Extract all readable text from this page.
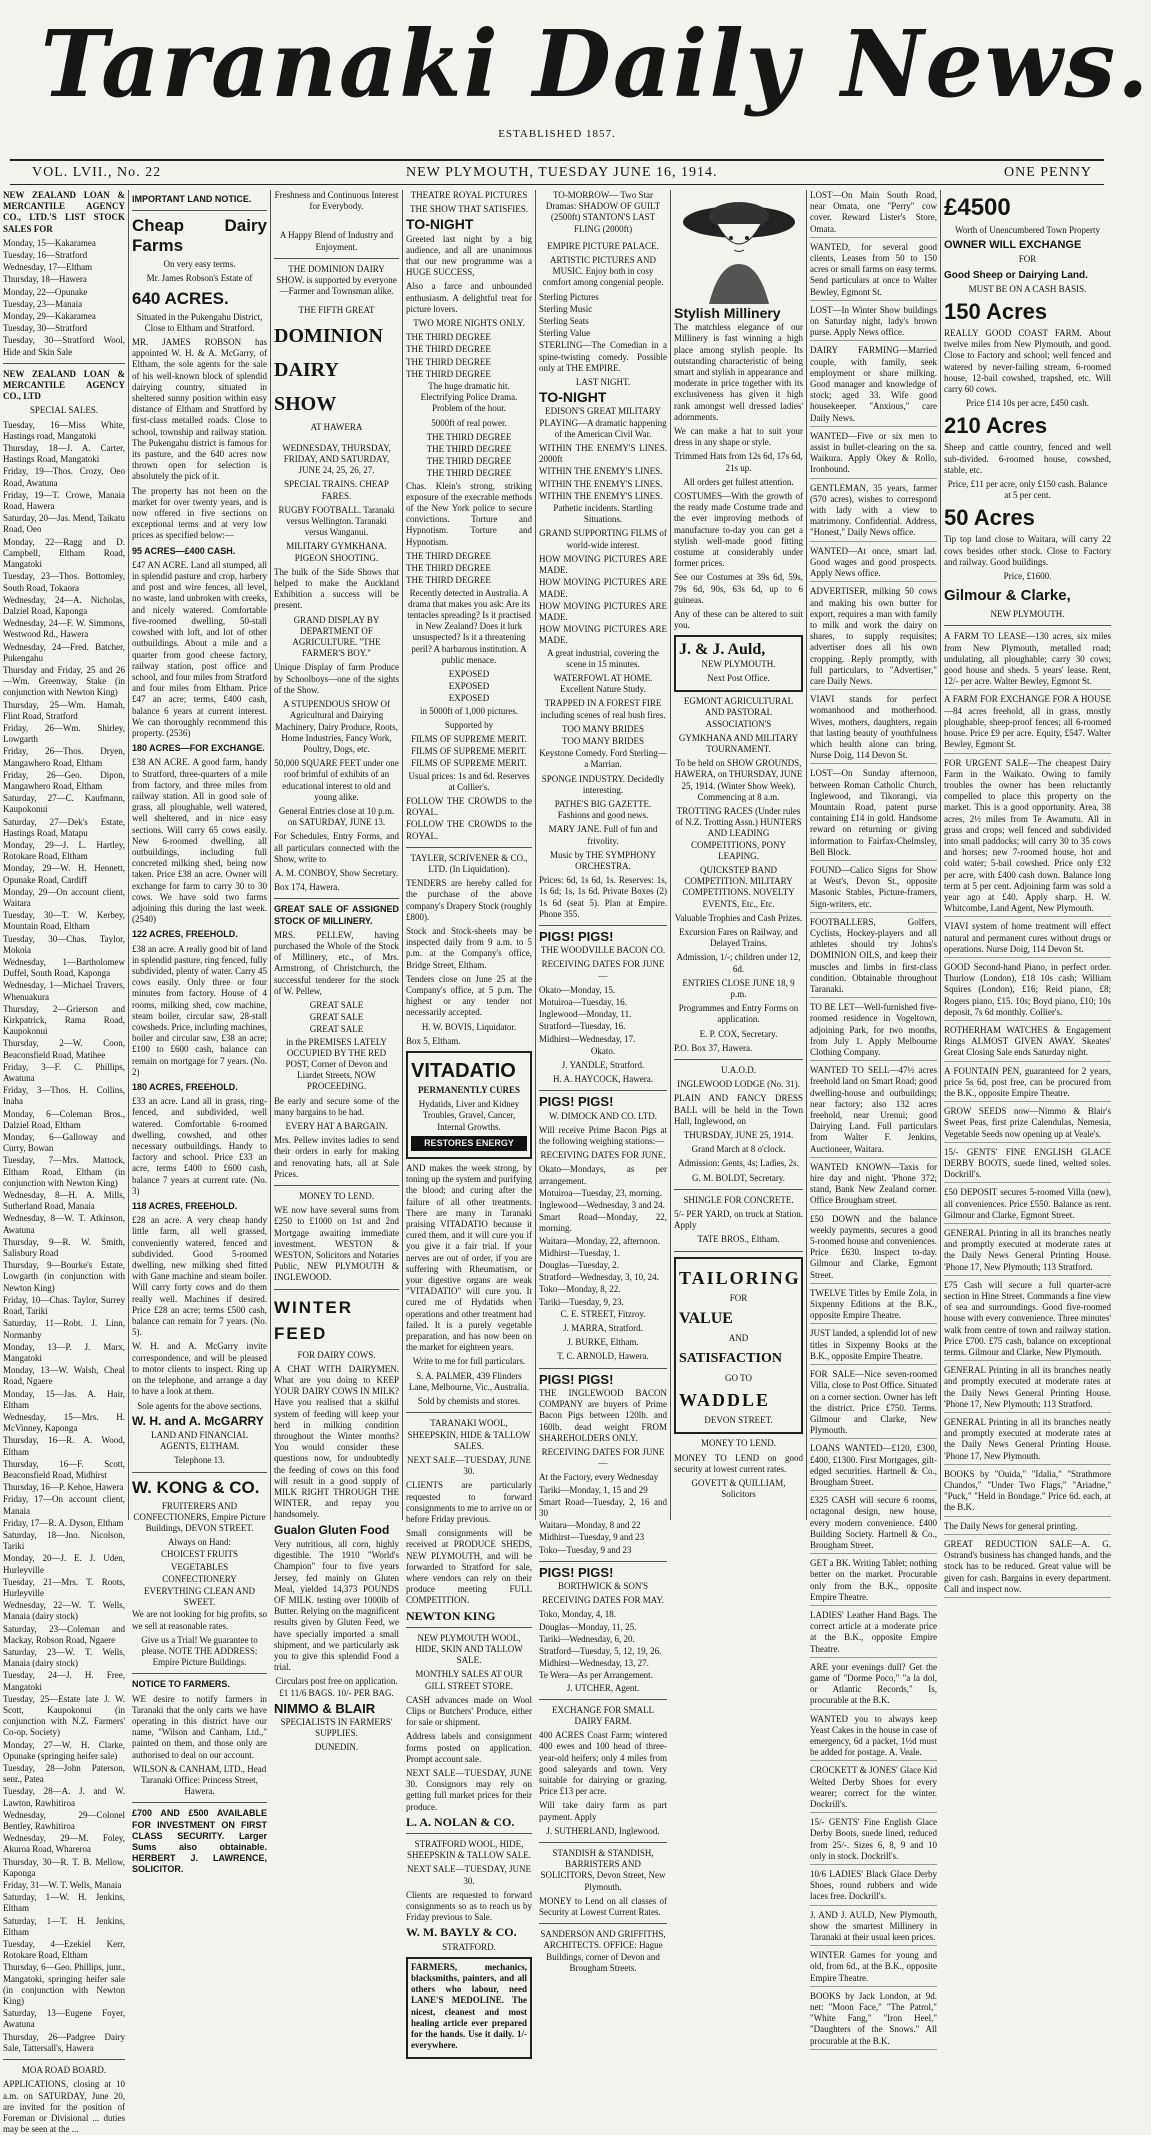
Taranaki Daily News.
ESTABLISHED 1857.
VOL. LVII., No. 22	NEW PLYMOUTH, TUESDAY JUNE 16, 1914.	ONE PENNY

NEW ZEALAND LOAN & MERCANTILE AGENCY CO., LTD.'S LIST STOCK SALES FOR

Monday, 15—Kakaramea

Tuesday, 16—Stratford

Wednesday, 17—Eltham

Thursday, 18—Hawera

Monday, 22—Opunake

Tuesday, 23—Manaia

Monday, 29—Kakaramea

Tuesday, 30—Stratford

Tuesday, 30—Stratford Wool, Hide and Skin Sale

NEW ZEALAND LOAN & MERCANTILE AGENCY CO., LTD

SPECIAL SALES.

Tuesday, 16—Miss White, Hastings road, Mangatoki

Thursday, 18—J. A. Carter, Hastings Road, Mangatoki

Friday, 19—Thos. Crozy, Oeo Road, Awatuna

Friday, 19—T. Crowe, Manaia Road, Hawera

Saturday, 20—Jas. Mend, Taikatu Road, Oeo

Monday, 22—Ragg and D. Campbell, Eltham Road, Mangatoki

Tuesday, 23—Thos. Bottomley, South Road, Tokaora

Wednesday, 24—A. Nicholas, Dalziel Road, Kaponga

Wednesday, 24—F. W. Simmons, Westwood Rd., Hawera

Wednesday, 24—Fred. Batcher, Pukengahu

Thursday and Friday, 25 and 26—Wm. Greenway, Stake (in conjunction with Newton King)

Thursday, 25—Wm. Hamah, Flint Road, Stratford

Friday, 26—Wm. Shirley, Lowgarth

Friday, 26—Thos. Dryen, Mangawhero Road, Eltham

Friday, 26—Geo. Dipon, Mangawhero Road, Eltham

Saturday, 27—C. Kaufmann, Kaupokonui

Saturday, 27—Dek's Estate, Hastings Road, Matapu

Monday, 29—J. L. Hartley, Rotokare Road, Eltham

Monday, 29—W. H. Hennett, Opunake Road, Cardiff

Monday, 29—On account client, Waitara

Tuesday, 30—T. W. Kerbey, Mountain Road, Eltham

Tuesday, 30—Chas. Taylor, Mokoia

Wednesday, 1—Bartholomew Duffel, South Road, Kaponga

Wednesday, 1—Michael Travers, Whenuakura

Thursday, 2—Grierson and Kirkpatrick, Rama Road, Kaupokonui

Thursday, 2—W. Coon, Beaconsfield Road, Matihee

Friday, 3—F. C. Phillips, Awatuna

Friday, 3—Thos. H. Collins, Inaha

Monday, 6—Coleman Bros., Dalziel Road, Eltham

Monday, 6—Galloway and Curry, Bowan

Tuesday, 7—Mrs. Mattock, Eltham Road, Eltham (in conjunction with Newton King)

Wednesday, 8—H. A. Mills, Sutherland Road, Manaia

Wednesday, 8—W. T. Atkinson, Awatuna

Thursday, 9—R. W. Smith, Salisbury Road

Thursday, 9—Bourke's Estate, Lowgarth (in conjunction with Newton King)

Friday, 10—Chas. Taylor, Surrey Road, Tariki

Saturday, 11—Robt. J. Linn, Normanby

Monday, 13—P. J. Marx, Mangatoki

Monday, 13—W. Walsh, Cheal Road, Ngaere

Monday, 15—Jas. A. Hair, Eltham

Wednesday, 15—Mrs. H. McVinney, Kaponga

Thursday, 16—R. A. Wood, Eltham

Thursday, 16—F. Scott, Beaconsfield Road, Midhirst

Thursday, 16—P. Kehoe, Hawera

Friday, 17—On account client, Manaia

Friday, 17—R. A. Dyson, Eltham

Saturday, 18—Jno. Nicolson, Tariki

Monday, 20—J. E. J. Uden, Hurleyville

Tuesday, 21—Mrs. T. Roots, Hurleyville

Wednesday, 22—W. T. Wells, Manaia (dairy stock)

Saturday, 23—Coleman and Mackay, Robson Road, Ngaere

Saturday, 23—W. T. Wells, Manaia (dairy stock)

Tuesday, 24—J. H. Free, Mangatoki

Tuesday, 25—Estate late J. W. Scott, Kaupokonui (in conjunction with N.Z. Farmers' Co-op. Society)

Monday, 27—W. H. Clarke, Opunake (springing heifer sale)

Tuesday, 28—John Paterson, senr., Patea

Tuesday, 28—A. J. and W. Lawton, Rawhitiroa

Wednesday, 29—Colonel Bentley, Rawhitiroa

Wednesday, 29—M. Foley, Akuroa Road, Whareroa

Thursday, 30—R. T. B. Mellow, Kaponga

Friday, 31—W. T. Wells, Manaia

Saturday, 1—W. H. Jenkins, Eltham

Saturday, 1—T. H. Jenkins, Eltham

Tuesday, 4—Ezekiel Kerr, Rotokare Road, Eltham

Thursday, 6—Geo. Phillips, junr., Mangatoki, springing heifer sale (in conjunction with Newton King)

Saturday, 13—Eugene Foyer, Awatuna

Thursday, 26—Padgree Dairy Sale, Tattersall's, Hawera

MOA ROAD BOARD.

APPLICATIONS, closing at 10 a.m. on SATURDAY, June 20, are invited for the position of Foreman or Divisional ... duties may be seen at the ...

IMPORTANT LAND NOTICE.

Cheap Dairy Farms

On very easy terms.

Mr. James Robson's Estate of

640 ACRES.

Situated in the Pukengahu District, Close to Eltham and Stratford.

MR. JAMES ROBSON has appointed W. H. & A. McGarry, of Eltham, the sole agents for the sale of his well-known block of splendid dairying country, situated in sheltered sunny position within easy distance of Eltham and Stratford by first-class metalled roads. Close to school, township and railway station. The Pukengahu district is famous for its pasture, and the 640 acres now thrown open for selection is absolutely the pick of it.

The property has not been on the market for over twenty years, and is now offered in five sections on exceptional terms and at very low prices as specified below:—

95 ACRES—£400 CASH.

£47 AN ACRE. Land all stumped, all in splendid pasture and crop, harbery and post and wire fences, all level, no waste, land unbroken with creeks, and nicely watered. Comfortable five-roomed dwelling, 50-stall cowshed with loft, and lot of other outbuildings. About a mile and a quarter from good cheese factory, railway station, post office and school, and four miles from Stratford and four miles from Eltham. Price £47 an acre; terms, £400 cash, balance 6 years at current interest. We can thoroughly recommend this property. (2536)

180 ACRES—FOR EXCHANGE.

£38 AN ACRE. A good farm, handy to Stratford, three-quarters of a mile from factory, and three miles from railway station. All in good sole of grass, all ploughable, well watered, well sheltered, and in nice easy sections. Will carry 65 cows easily. New 6-roomed dwelling, all outbuildings, including full concreted milking shed, being now taken. Price £38 an acre. Owner will exchange for farm to carry 30 to 30 cows. We have sold two farms adjoining this during the last week. (2540)

122 ACRES, FREEHOLD.

£38 an acre. A really good bit of land in splendid pasture, ring fenced, fully subdivided, plenty of water. Carry 45 cows easily. Only three or four minutes from factory. House of 4 rooms, milking shed, cow machine, steam boiler, circular saw, 28-stall cowsheds. Price, including machines, boiler and circular saw, £38 an acre; £100 to £600 cash, balance can remain on mortgage for 7 years. (No. 2)

180 ACRES, FREEHOLD.

£33 an acre. Land all in grass, ring-fenced, and subdivided, well watered. Comfortable 6-roomed dwelling, cowshed, and other necessary outbuildings. Handy to factory and school. Price £33 an acre, terms £400 to £600 cash, balance 7 years at current rate. (No. 3)

118 ACRES, FREEHOLD.

£28 an acre. A very cheap handy little farm, all well grassed, conveniently watered, fenced and subdivided. Good 5-roomed dwelling, new milking shed fitted with Gane machine and steam boiler. Will carry forty cows and do them really well. Machines if desired. Price £28 an acre; terms £500 cash, balance can remain for 7 years. (No. 5).

W. H. and A. McGarry invite correspondence, and will be pleased to motor clients to inspect. Ring up on the telephone, and arrange a day to have a look at them.

Sole agents for the above sections.

W. H. and A. McGARRY

LAND AND FINANCIAL AGENTS, ELTHAM.

Telephone 13.

W. KONG & CO.

FRUITERERS AND CONFECTIONERS, Empire Picture Buildings, DEVON STREET.

Always on Hand:

CHOICEST FRUITS

VEGETABLES

CONFECTIONERY

EVERYTHING CLEAN AND SWEET.

We are not looking for big profits, so we sell at reasonable rates.

Give us a Trial! We guarantee to please. NOTE THE ADDRESS: Empire Picture Buildings.

NOTICE TO FARMERS.

WE desire to notify farmers in Taranaki that the only carts we have operating in this district have our name, "Wilson and Canham, Ltd.," painted on them, and those only are authorised to deal on our account.

WILSON & CANHAM, LTD., Head Taranaki Office: Princess Street, Hawera.

£700 AND £500 AVAILABLE FOR INVESTMENT ON FIRST CLASS SECURITY. Larger Sums also obtainable. HERBERT J. LAWRENCE, SOLICITOR.

Freshness and Continuous Interest for Everybody.

A Happy Blend of Industry and Enjoyment.

THE DOMINION DAIRY SHOW. is supported by everyone—Farmer and Townsman alike.

THE FIFTH GREAT

DOMINION

DAIRY

SHOW

AT HAWERA

WEDNESDAY, THURSDAY, FRIDAY, AND SATURDAY, JUNE 24, 25, 26, 27.

SPECIAL TRAINS. CHEAP FARES.

RUGBY FOOTBALL. Taranaki versus Wellington. Taranaki versus Wanganui.

MILITARY GYMKHANA. PIGEON SHOOTING.

The bulk of the Side Shows that helped to make the Auckland Exhibition a success will be present.

GRAND DISPLAY BY DEPARTMENT OF AGRICULTURE. "THE FARMER'S BOY."

Unique Display of farm Produce by Schoolboys—one of the sights of the Show.

A STUPENDOUS SHOW Of Agricultural and Dairying Machinery, Dairy Produce, Roots, Home Industries, Fancy Work, Poultry, Dogs, etc.

50,000 SQUARE FEET under one roof brimful of exhibits of an educational interest to old and young alike.

General Entries close at 10 p.m. on SATURDAY, JUNE 13.

For Schedules, Entry Forms, and all particulars connected with the Show, write to

A. M. CONBOY, Show Secretary.

Box 174, Hawera.

GREAT SALE OF ASSIGNED STOCK OF MILLINERY.

MRS. PELLEW, having purchased the Whole of the Stock of Millinery, etc., of Mrs. Armstrong, of Christchurch, the successful tenderer for the stock of W. Pellew,

GREAT SALE

GREAT SALE

GREAT SALE

in the PREMISES LATELY OCCUPIED BY THE RED POST, Corner of Devon and Liardet Streets, NOW PROCEEDING.

Be early and secure some of the many bargains to be had.

EVERY HAT A BARGAIN.

Mrs. Pellew invites ladies to send their orders in early for making and renovating hats, all at Sale Prices.

MONEY TO LEND.

WE now have several sums from £250 to £1000 on 1st and 2nd Mortgage awaiting immediate investment. WESTON & WESTON, Solicitors and Notaries Public, NEW PLYMOUTH & INGLEWOOD.

WINTER FEED

FOR DAIRY COWS.

A CHAT WITH DAIRYMEN. What are you doing to KEEP YOUR DAIRY COWS IN MILK? Have you realised that a skilful system of feeding will keep your herd in milking condition throughout the Winter months? You would consider these questions now, for undoubtedly the feeding of cows on this food will result in a good supply of MILK RIGHT THROUGH THE WINTER, and repay you handsomely.

Gualon Gluten Food

Very nutritious, all corn, highly digestible. The 1910 "World's Champion" four to five years Jersey, fed mainly on Gluten Meal, yielded 14,373 POUNDS OF MILK. testing over 1000lb of Butter. Relying on the magnificent results given by Gluten Feed, we have specially imported a small shipment, and we particularly ask you to give this splendid Food a trial.

Circulars post free on application. £1 11/6 BAGS. 10/- PER BAG.

NIMMO & BLAIR

SPECIALISTS IN FARMERS' SUPPLIES.

DUNEDIN.

THEATRE ROYAL PICTURES

THE SHOW THAT SATISFIES.

TO-NIGHT

Greeted last night by a big audience, and all are unanimous that our new programme was a HUGE SUCCESS,

Also a farce and unbounded enthusiasm. A delightful treat for picture lovers.

TWO MORE NIGHTS ONLY.

THE THIRD DEGREE

THE THIRD DEGREE

THE THIRD DEGREE

THE THIRD DEGREE

The huge dramatic hit. Electrifying Police Drama. Problem of the hour.

5000ft of real power.

THE THIRD DEGREE

THE THIRD DEGREE

THE THIRD DEGREE

THE THIRD DEGREE

Chas. Klein's strong, striking exposure of the execrable methods of the New York police to secure convictions. Torture and Hypnotism. Torture and Hypnotism.

THE THIRD DEGREE

THE THIRD DEGREE

THE THIRD DEGREE

Recently detected in Australia. A drama that makes you ask: Are its tentacles spreading? Is it practised in New Zealand? Does it lurk unsuspected? Is it a threatening peril? A barbarous institution. A public menace.

EXPOSED

EXPOSED

EXPOSED

in 5000ft of 1,000 pictures.

Supported by

FILMS OF SUPREME MERIT.

FILMS OF SUPREME MERIT.

FILMS OF SUPREME MERIT.

Usual prices: 1s and 6d. Reserves at Collier's.

FOLLOW THE CROWDS to the ROYAL.

FOLLOW THE CROWDS to the ROYAL.

TAYLER, SCRIVENER & CO., LTD. (In Liquidation).

TENDERS are hereby called for the purchase of the above company's Drapery Stock (roughly £800).

Stock and Stock-sheets may be inspected daily from 9 a.m. to 5 p.m. at the Company's office, Bridge Street, Eltham.

Tenders close on June 25 at the Company's office, at 5 p.m. The highest or any tender not necessarily accepted.

H. W. BOVIS, Liquidator.

Box 5, Eltham.

VITADATIO

PERMANENTLY CURES

Hydatids, Liver and Kidney Troubles, Gravel, Cancer, Internal Growths.

RESTORES ENERGY

AND makes the week strong, by toning up the system and purifying the blood; and curing after the failure of all other treatments. There are many in Taranaki praising VITADATIO because it cured them, and it will cure you if you give it a fair trial. If your nerves are out of order, if you are suffering with Rheumatism, or your digestive organs are weak "VITADATIO" will cure you. It cured me of Hydatids when operations and other treatment had failed. It is a purely vegetable preparation, and has now been on the market for eighteen years.

Write to me for full particulars.

S. A. PALMER, 439 Flinders Lane, Melbourne, Vic., Australia.

Sold by chemists and stores.

TARANAKI WOOL, SHEEPSKIN, HIDE & TALLOW SALES.

NEXT SALE—TUESDAY, JUNE 30.

CLIENTS are particularly requested to forward consignments to me to arrive on or before Friday previous.

Small consignments will be received at PRODUCE SHEDS, NEW PLYMOUTH, and will be forwarded to Stratford for sale, where vendors can rely on their produce meeting FULL COMPETITION.

NEWTON KING

NEW PLYMOUTH WOOL, HIDE, SKIN AND TALLOW SALE.

MONTHLY SALES AT OUR GILL STREET STORE.

CASH advances made on Wool Clips or Butchers' Produce, either for sale or shipment.

Address labels and consignment forms posted on application. Prompt account sale.

NEXT SALE—TUESDAY, JUNE 30. Consignors may rely on getting full market prices for their produce.

L. A. NOLAN & CO.

STRATFORD WOOL, HIDE, SHEEPSKIN & TALLOW SALE.

NEXT SALE—TUESDAY, JUNE 30.

Clients are requested to forward consignments so as to reach us by Friday previous to Sale.

W. M. BAYLY & CO.

STRATFORD.

FARMERS, mechanics, blacksmiths, painters, and all others who labour, need LANE'S MEDOLINE. The nicest, cleanest and most healing article ever prepared for the hands. Use it daily. 1/- everywhere.

TO-MORROW— Two Star Dramas: SHADOW OF GUILT (2500ft) STANTON'S LAST FLING (2000ft)

EMPIRE PICTURE PALACE.

ARTISTIC PICTURES AND MUSIC. Enjoy both in cosy comfort among congenial people.

Sterling Pictures

Sterling Music

Sterling Seats

Sterling Value

STERLING—The Comedian in a spine-twisting comedy. Possible only at THE EMPIRE.

LAST NIGHT.

TO-NIGHT

EDISON'S GREAT MILITARY PLAYING—A dramatic happening of the American Civil War.

WITHIN THE ENEMY'S LINES. 2000ft

WITHIN THE ENEMY'S LINES.

WITHIN THE ENEMY'S LINES.

WITHIN THE ENEMY'S LINES.

Pathetic incidents. Startling Situations.

GRAND SUPPORTING FILMS of world-wide interest.

HOW MOVING PICTURES ARE MADE.

HOW MOVING PICTURES ARE MADE.

HOW MOVING PICTURES ARE MADE.

HOW MOVING PICTURES ARE MADE.

A great industrial, covering the scene in 15 minutes.

WATERFOWL AT HOME. Excellent Nature Study.

TRAPPED IN A FOREST FIRE including scenes of real bush fires.

TOO MANY BRIDES

TOO MANY BRIDES

Keystone Comedy. Ford Sterling—a Marrian.

SPONGE INDUSTRY. Decidedly interesting.

PATHE'S BIG GAZETTE. Fashions and good news.

MARY JANE. Full of fun and frivolity.

Music by THE SYMPHONY ORCHESTRA.

Prices: 6d, 1s 6d, 1s. Reserves: 1s, 1s 6d; 1s, 1s 6d. Private Boxes (2) 1s 6d (seat 5). Plan at Empire. Phone 355.

PIGS! PIGS!

THE WOODVILLE BACON CO.

RECEIVING DATES FOR JUNE—

Okato—Monday, 15.

Motuiroa—Tuesday, 16.

Inglewood—Monday, 11.

Stratford—Tuesday, 16.

Midhirst—Wednesday, 17.

Okato.

J. YANDLE, Stratford.

H. A. HAYCOCK, Hawera.

PIGS! PIGS!

W. DIMOCK AND CO. LTD.

Will receive Prime Bacon Pigs at the following weighing stations:—

RECEIVING DATES FOR JUNE.

Okato—Mondays, as per arrangement.

Motuiroa—Tuesday, 23, morning.

Inglewood—Wednesday, 3 and 24.

Smart Road—Monday, 22, morning.

Waitara—Monday, 22, afternoon.

Midhirst—Tuesday, 1.

Douglas—Tuesday, 2.

Stratford—Wednesday, 3, 10, 24.

Toko—Monday, 8, 22.

Tariki—Tuesday, 9, 23.

C. E. STREET, Fitzroy.

J. MARRA, Stratford.

J. BURKE, Eltham.

T. C. ARNOLD, Hawera.

PIGS! PIGS!

THE INGLEWOOD BACON COMPANY are buyers of Prime Bacon Pigs between 120lb. and 160lb. dead weight FROM SHAREHOLDERS ONLY.

RECEIVING DATES FOR JUNE—

At the Factory, every Wednesday

Tariki—Monday, 1, 15 and 29

Smart Road—Tuesday, 2, 16 and 30

Waitara—Monday, 8 and 22

Midhirst—Tuesday, 9 and 23

Toko—Tuesday, 9 and 23

PIGS! PIGS!

BORTHWICK & SON'S

RECEIVING DATES FOR MAY.

Toko, Monday, 4, 18.

Douglas—Monday, 11, 25.

Tariki—Wednesday, 6, 20.

Stratford—Tuesday, 5, 12, 19, 26.

Midhirst—Wednesday, 13, 27.

Te Wera—As per Arrangement.

J. UTCHER, Agent.

EXCHANGE FOR SMALL DAIRY FARM.

400 ACRES Coast Farm; wintered 400 ewes and 100 head of three-year-old heifers; only 4 miles from good saleyards and town. Very suitable for dairying or grazing. Price £13 per acre.

Will take dairy farm as part payment. Apply

J. SUTHERLAND, Inglewood.

STANDISH & STANDISH, BARRISTERS AND SOLICITORS, Devon Street, New Plymouth.

MONEY to Lend on all classes of Security at Lowest Current Rates.

SANDERSON AND GRIFFITHS, ARCHITECTS. OFFICE: Hague Buildings, corner of Devon and Brougham Streets.

Stylish Millinery

The matchless elegance of our Millinery is fast winning a high place among stylish people. Its outstanding characteristic of being smart and stylish in appearance and moderate in price together with its exclusiveness has given it high rank amongst well dressed ladies' adornments.

We can make a hat to suit your dress in any shape or style.

Trimmed Hats from 12s 6d, 17s 6d, 21s up.

All orders get fullest attention.

COSTUMES—With the growth of the ready made Costume trade and the ever improving methods of manufacture to-day you can get a stylish well-made good fitting costume at considerably under former prices.

See our Costumes at 39s 6d, 59s, 79s 6d, 90s, 63s 6d, up to 6 guineas.

Any of these can be altered to suit you.

J. & J. Auld,

NEW PLYMOUTH.

Next Post Office.

EGMONT AGRICULTURAL AND PASTORAL ASSOCIATION'S

GYMKHANA AND MILITARY TOURNAMENT.

To be held on SHOW GROUNDS, HAWERA, on THURSDAY, JUNE 25, 1914. (Winter Show Week). Commencing at 8 a.m.

TROTTING RACES (Under rules of N.Z. Trotting Assn.) HUNTERS AND LEADING COMPETITIONS, PONY LEAPING.

QUICKSTEP BAND COMPETITION. MILITARY COMPETITIONS. NOVELTY EVENTS, Etc., Etc.

Valuable Trophies and Cash Prizes.

Excursion Fares on Railway, and Delayed Trains.

Admission, 1/-; children under 12, 6d.

ENTRIES CLOSE JUNE 18, 9 p.m.

Programmes and Entry Forms on application.

E. P. COX, Secretary.

P.O. Box 37, Hawera.

U.A.O.D.

INGLEWOOD LODGE (No. 31).

PLAIN AND FANCY DRESS BALL will be held in the Town Hall, Inglewood, on

THURSDAY, JUNE 25, 1914.

Grand March at 8 o'clock.

Admission: Gents, 4s; Ladies, 2s.

G. M. BOLDT, Secretary.

SHINGLE FOR CONCRETE.

5/- PER YARD, on truck at Station. Apply

TATE BROS., Eltham.

TAILORING

FOR

VALUE

AND

SATISFACTION

GO TO

WADDLE

DEVON STREET.

MONEY TO LEND.

MONEY TO LEND on good security at lowest current rates.

GOVETT & QUILLIAM, Solicitors

LOST—On Main South Road, near Omata, one "Perry" cow cover. Reward Lister's Store, Omata.

WANTED, for several good clients, Leases from 50 to 150 acres or small farms on easy terms. Send particulars at once to Walter Bewley, Egmont St.

LOST—In Winter Show buildings on Saturday night, lady's brown purse. Apply News office.

DAIRY FARMING—Married couple, with family, seek employment or share milking. Good manager and knowledge of stock; aged 33. Wife good housekeeper. "Anxious," care Daily News.

WANTED—Five or six men to assist in bullet-clearing on the sa. Waikura. Apply Okey & Rollo, Ironbound.

GENTLEMAN, 35 years, farmer (570 acres), wishes to correspond with lady with a view to matrimony. Confidential. Address, "Honest," Daily News office.

WANTED—At once, smart lad. Good wages and good prospects. Apply News office.

ADVERTISER, milking 50 cows and making his own butter for export, requires a man with family to milk and work the dairy on shares, to supply requisites; advertiser does all his own cropping. Reply promptly, with full particulars, to "Advertiser," care Daily News.

VIAVI stands for perfect womanhood and motherhood. Wives, mothers, daughters, regain that lasting beauty of youthfulness which health alone can bring. Nurse Doig, 114 Devon St.

LOST—On Sunday afternoon, between Roman Catholic Church, Inglewood, and Tikorangi, via Mountain Road, patent purse containing £14 in gold. Handsome reward on returning or giving information to Fairfax-Chelmsley, Bell Block.

FOUND—Calico Signs for Show at West's, Devon St., opposite Masonic Stables, Picture-framers, Sign-writers, etc.

FOOTBALLERS, Golfers, Cyclists, Hockey-players and all athletes should try Johns's DOMINION OILS, and keep their muscles and limbs in first-class condition. Obtainable throughout Taranaki.

TO BE LET—Well-furnished five-roomed residence in Vogeltown, adjoining Park, for two months, from July 1. Apply Melbourne Clothing Company.

WANTED TO SELL—47½ acres freehold land on Smart Road; good dwelling-house and outbuildings; near factory; also 132 acres freehold, near Urenui; good Dairying Land. Full particulars from Walter F. Jenkins, Auctioneer, Waitara.

WANTED KNOWN—Taxis for hire day and night. 'Phone 372; stand, Bank New Zealand corner. Office Brougham street.

£50 DOWN and the balance weekly payments, secures a good 5-roomed house and conveniences. Price £630. Inspect to-day. Gilmour and Clarke, Egmont Street.

TWELVE Titles by Emile Zola, in Sixpenny Editions at the B.K., opposite Empire Theatre.

JUST landed, a splendid lot of new titles in Sixpenny Books at the B.K., opposite Empire Theatre.

FOR SALE—Nice seven-roomed Villa, close to Post Office. Situated on a corner section. Owner has left the district. Price £750. Terms. Gilmour and Clarke, New Plymouth.

LOANS WANTED—£120, £300, £400, £1300. First Mortgages, gilt-edged securities. Hartnell & Co., Brougham Street.

£325 CASH will secure 6 rooms, octagonal design, new house, every modern convenience. £400 Building Society. Hartnell & Co., Brougham Street.

GET a BK. Writing Tablet; nothing better on the market. Procurable only from the B.K., opposite Empire Theatre.

LADIES' Leather Hand Bags. The correct article at a moderate price at the B.K., opposite Empire Theatre.

ARE your evenings dull? Get the game of "Dorme Poco," "a la dol, or Atlantic Records," Is, procurable at the B.K.

WANTED you to always keep Yeast Cakes in the house in case of emergency, 6d a packet, 1½d must be added for postage. A. Veale.

CROCKETT & JONES' Glace Kid Welted Derby Shoes for every wearer; correct for the winter. Dockrill's.

15/- GENTS' Fine English Glace Derby Boots, suede lined, reduced from 25/-. Sizes 6, 8, 9 and 10 only in stock. Dockrill's.

10/6 LADIES' Black Glace Derby Shoes, round rubbers and wide laces free. Dockrill's.

J. AND J. AULD, New Plymouth, show the smartest Millinery in Taranaki at their usual keen prices.

WINTER Games for young and old, from 6d., at the B.K., opposite Empire Theatre.

BOOKS by Jack London, at 9d. net: "Moon Face," "The Patrol," "White Fang," "Iron Heel," "Daughters of the Snows." All procurable at the B.K.

£4500

Worth of Unencumbered Town Property

OWNER WILL EXCHANGE

FOR

Good Sheep or Dairying Land.

MUST BE ON A CASH BASIS.

150 Acres

REALLY GOOD COAST FARM. About twelve miles from New Plymouth, and good. Close to Factory and school; well fenced and watered by never-failing stream, 6-roomed house, 12-bail cowshed, trapshed, etc. Will carry 60 cows.

Price £14 10s per acre, £450 cash.

210 Acres

Sheep and cattle country, fenced and well sub-divided. 6-roomed house, cowshed, stable, etc.

Price, £11 per acre, only £150 cash. Balance at 5 per cent.

50 Acres

Tip top land close to Waitara, will carry 22 cows besides other stock. Close to Factory and railway. Good buildings.

Price, £1600.

Gilmour & Clarke,

NEW PLYMOUTH.

A FARM TO LEASE—130 acres, six miles from New Plymouth, metalled road; undulating, all ploughable; carry 30 cows; good house and sheds. 5 years' lease. Rent, 12/- per acre. Walter Bewley, Egmont St.

A FARM FOR EXCHANGE FOR A HOUSE—84 acres freehold, all in grass, mostly ploughable, sheep-proof fences; all 6-roomed house. Price £9 per acre. Equity, £547. Walter Bewley, Egmont St.

FOR URGENT SALE—The cheapest Dairy Farm in the Waikato. Owing to family troubles the owner has been reluctantly compelled to place this property on the market. This is a good opportunity. Area, 38 acres, 2½ miles from Te Awamutu. All in grass and crops; well fenced and subdivided into small paddocks; will carry 30 to 35 cows and horses; new 7-roomed house, hot and cold water; 5-bail cowshed. Price only £32 per acre, with £400 cash down. Balance long term at 5 per cent. Adjoining farm was sold a year ago at £40. Apply sharp. H. W. Whitcombe, Land Agent, New Plymouth.

VIAVI system of home treatment will effect natural and permanent cures without drugs or operations. Nurse Doig, 114 Devon St.

GOOD Second-hand Piano, in perfect order. Thurlow (London), £18 10s cash; William Squires (London), £16; Reid piano, £8; Rogers piano, £15. 10s; Boyd piano, £10; 10s deposit, 7s 6d monthly. Collier's.

ROTHERHAM WATCHES & Engagement Rings ALMOST GIVEN AWAY. Skeates' Great Closing Sale ends Saturday night.

A FOUNTAIN PEN, guaranteed for 2 years, price 5s 6d, post free, can be procured from the B.K., opposite Empire Theatre.

GROW SEEDS now—Nimmo & Blair's Sweet Peas, first prize Calendulas, Nemesia, Vegetable Seeds now opening up at Veale's.

15/- GENTS' FINE ENGLISH GLACE DERBY BOOTS, suede lined, welted soles. Dockrill's.

£50 DEPOSIT secures 5-roomed Villa (new), all conveniences. Price £550. Balance as rent. Gilmour and Clarke, Egmont Street.

GENERAL Printing in all its branches neatly and promptly executed at moderate rates at the Daily News General Printing House. 'Phone 17, New Plymouth; 113 Stratford.

£75 Cash will secure a full quarter-acre section in Hine Street. Commands a fine view of sea and surroundings. Good five-roomed house with every convenience. Three minutes' walk from centre of town and railway station. Price £700. £75 cash, balance on exceptional terms. Gilmour and Clarke, New Plymouth.

GENERAL Printing in all its branches neatly and promptly executed at moderate rates at the Daily News General Printing House. 'Phone 17, New Plymouth; 113 Stratford.

GENERAL Printing in all its branches neatly and promptly executed at moderate rates at the Daily News General Printing House. 'Phone 17, New Plymouth.

BOOKS by "Ouida," "Idalia," "Strathmore Chandos," "Under Two Flags," "Ariadne," "Puck," "Held in Bondage." Price 6d. each, at the B.K.

The Daily News for general printing.

GREAT REDUCTION SALE—A. G. Ostrand's business has changed hands, and the stock has to be reduced. Great value will be given for cash. Bargains in every department. Call and inspect now.
